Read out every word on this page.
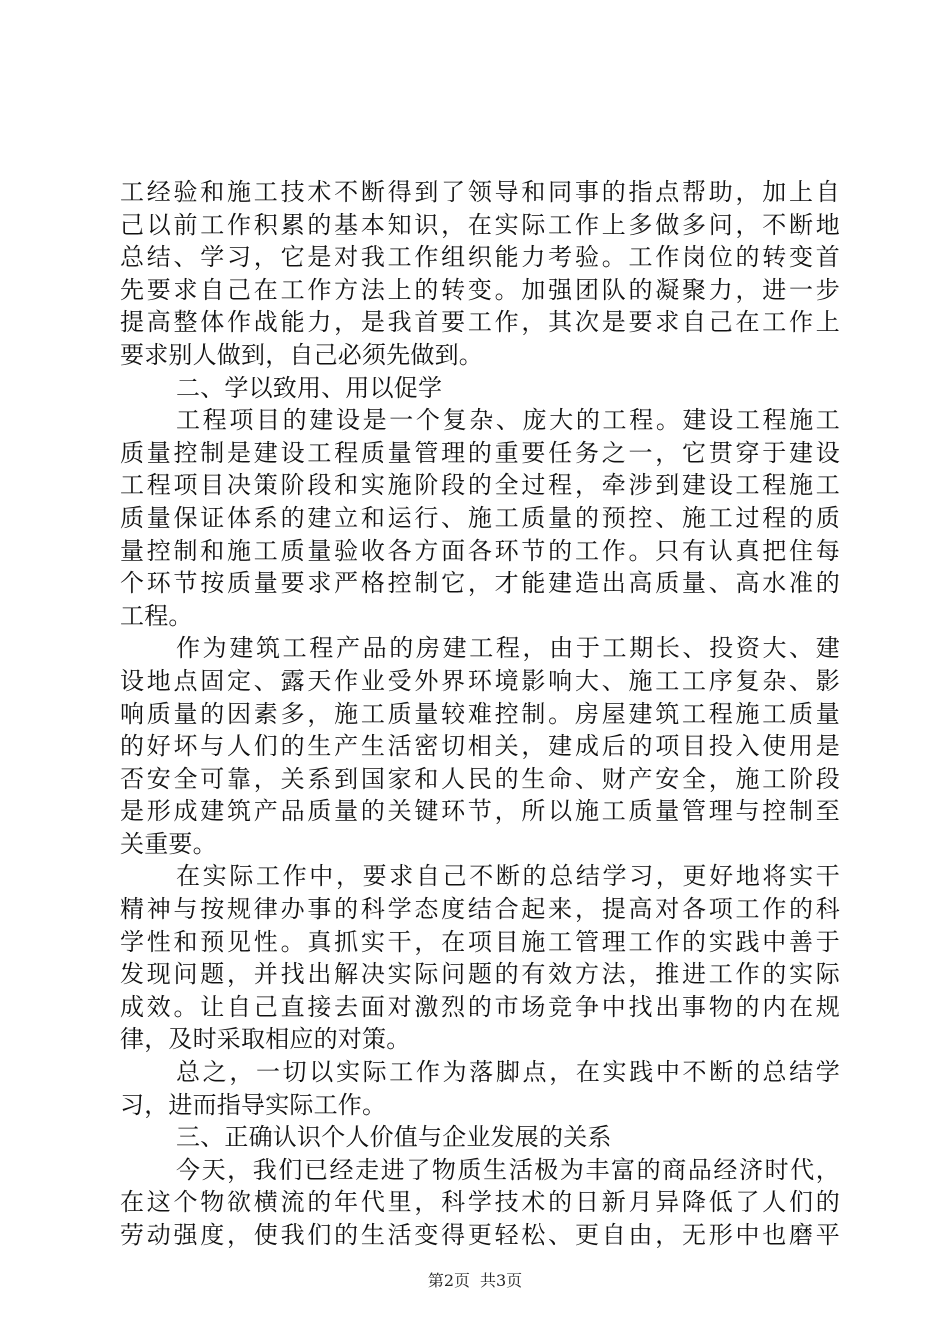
工经验和施工技术不断得到了领导和同事的指点帮助，加上自
己以前工作积累的基本知识，在实际工作上多做多问，不断地
总结、学习，它是对我工作组织能力考验。工作岗位的转变首
先要求自己在工作方法上的转变。加强团队的凝聚力，进一步
提高整体作战能力，是我首要工作，其次是要求自己在工作上
要求别人做到，自己必须先做到。
二、学以致用、用以促学
工程项目的建设是一个复杂、庞大的工程。建设工程施工
质量控制是建设工程质量管理的重要任务之一，它贯穿于建设
工程项目决策阶段和实施阶段的全过程，牵涉到建设工程施工
质量保证体系的建立和运行、施工质量的预控、施工过程的质
量控制和施工质量验收各方面各环节的工作。只有认真把住每
个环节按质量要求严格控制它，才能建造出高质量、高水准的
工程。
作为建筑工程产品的房建工程，由于工期长、投资大、建
设地点固定、露天作业受外界环境影响大、施工工序复杂、影
响质量的因素多，施工质量较难控制。房屋建筑工程施工质量
的好坏与人们的生产生活密切相关，建成后的项目投入使用是
否安全可靠，关系到国家和人民的生命、财产安全，施工阶段
是形成建筑产品质量的关键环节，所以施工质量管理与控制至
关重要。
在实际工作中，要求自己不断的总结学习，更好地将实干
精神与按规律办事的科学态度结合起来，提高对各项工作的科
学性和预见性。真抓实干，在项目施工管理工作的实践中善于
发现问题，并找出解决实际问题的有效方法，推进工作的实际
成效。让自己直接去面对激烈的市场竞争中找出事物的内在规
律，及时采取相应的对策。
总之，一切以实际工作为落脚点，在实践中不断的总结学
习，进而指导实际工作。
三、正确认识个人价值与企业发展的关系
今天，我们已经走进了物质生活极为丰富的商品经济时代，
在这个物欲横流的年代里，科学技术的日新月异降低了人们的
劳动强度，使我们的生活变得更轻松、更自由，无形中也磨平
第2页 共3页
